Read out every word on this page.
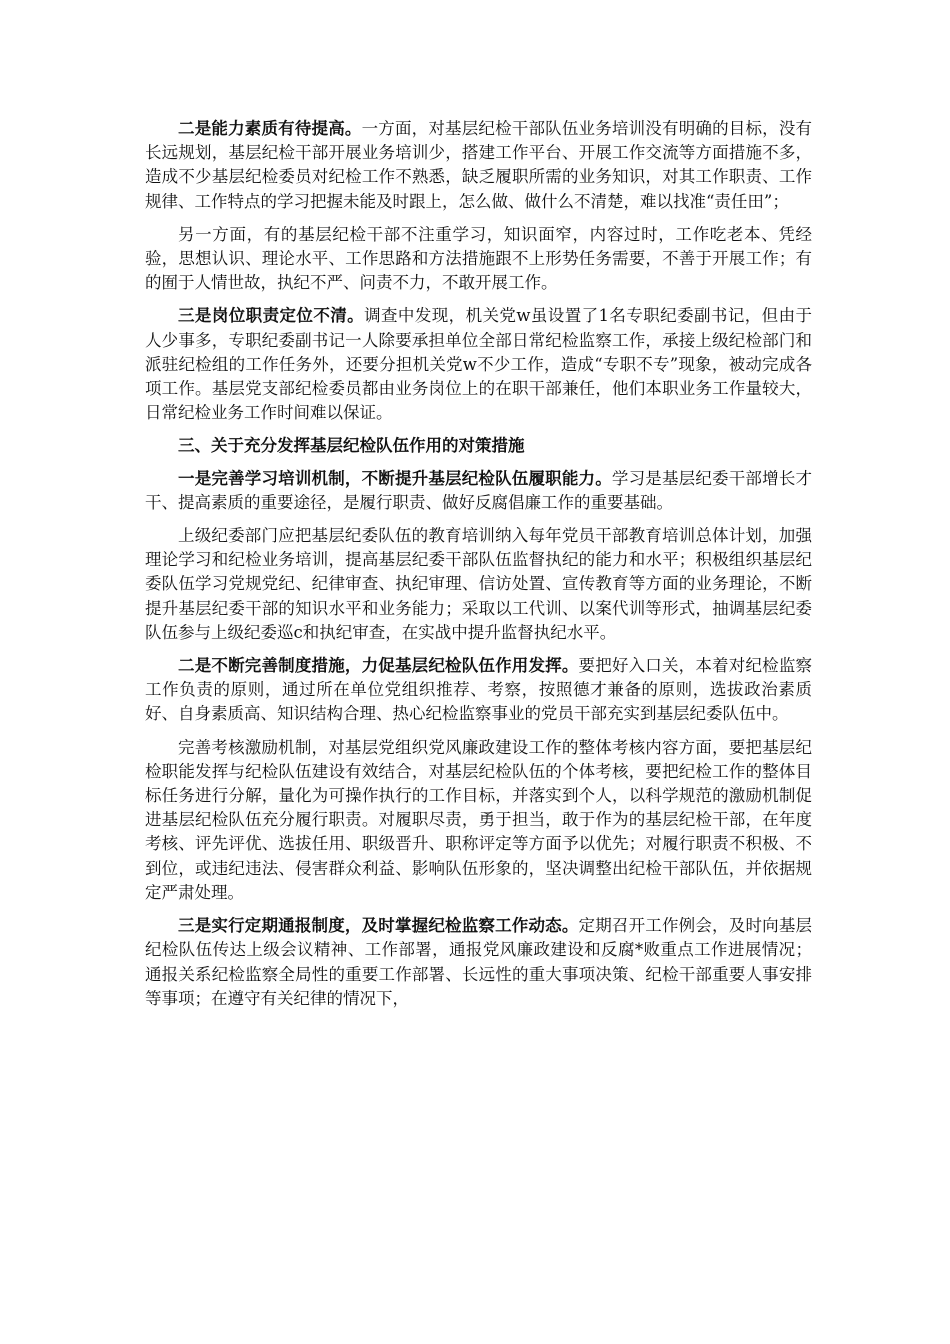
二是能力素质有待提高。一方面，对基层纪检干部队伍业务培训没有明确的目标，没有长远规划，基层纪检干部开展业务培训少，搭建工作平台、开展工作交流等方面措施不多，造成不少基层纪检委员对纪检工作不熟悉，缺乏履职所需的业务知识，对其工作职责、工作规律、工作特点的学习把握未能及时跟上，怎么做、做什么不清楚，难以找准“责任田”；

另一方面，有的基层纪检干部不注重学习，知识面窄，内容过时，工作吃老本、凭经验，思想认识、理论水平、工作思路和方法措施跟不上形势任务需要，不善于开展工作；有的囿于人情世故，执纪不严、问责不力，不敢开展工作。

三是岗位职责定位不清。调查中发现，机关党w虽设置了1名专职纪委副书记，但由于人少事多，专职纪委副书记一人除要承担单位全部日常纪检监察工作，承接上级纪检部门和派驻纪检组的工作任务外，还要分担机关党w不少工作，造成“专职不专”现象，被动完成各项工作。基层党支部纪检委员都由业务岗位上的在职干部兼任，他们本职业务工作量较大，日常纪检业务工作时间难以保证。

三、关于充分发挥基层纪检队伍作用的对策措施

一是完善学习培训机制，不断提升基层纪检队伍履职能力。学习是基层纪委干部增长才干、提高素质的重要途径，是履行职责、做好反腐倡廉工作的重要基础。

上级纪委部门应把基层纪委队伍的教育培训纳入每年党员干部教育培训总体计划，加强理论学习和纪检业务培训，提高基层纪委干部队伍监督执纪的能力和水平；积极组织基层纪委队伍学习党规党纪、纪律审查、执纪审理、信访处置、宣传教育等方面的业务理论，不断提升基层纪委干部的知识水平和业务能力；采取以工代训、以案代训等形式，抽调基层纪委队伍参与上级纪委巡c和执纪审查，在实战中提升监督执纪水平。

二是不断完善制度措施，力促基层纪检队伍作用发挥。要把好入口关，本着对纪检监察工作负责的原则，通过所在单位党组织推荐、考察，按照德才兼备的原则，选拔政治素质好、自身素质高、知识结构合理、热心纪检监察事业的党员干部充实到基层纪委队伍中。

完善考核激励机制，对基层党组织党风廉政建设工作的整体考核内容方面，要把基层纪检职能发挥与纪检队伍建设有效结合，对基层纪检队伍的个体考核，要把纪检工作的整体目标任务进行分解，量化为可操作执行的工作目标，并落实到个人，以科学规范的激励机制促进基层纪检队伍充分履行职责。对履职尽责，勇于担当，敢于作为的基层纪检干部，在年度考核、评先评优、选拔任用、职级晋升、职称评定等方面予以优先；对履行职责不积极、不到位，或违纪违法、侵害群众利益、影响队伍形象的，坚决调整出纪检干部队伍，并依据规定严肃处理。

三是实行定期通报制度，及时掌握纪检监察工作动态。定期召开工作例会，及时向基层纪检队伍传达上级会议精神、工作部署，通报党风廉政建设和反腐*败重点工作进展情况；通报关系纪检监察全局性的重要工作部署、长远性的重大事项决策、纪检干部重要人事安排等事项；在遵守有关纪律的情况下，
